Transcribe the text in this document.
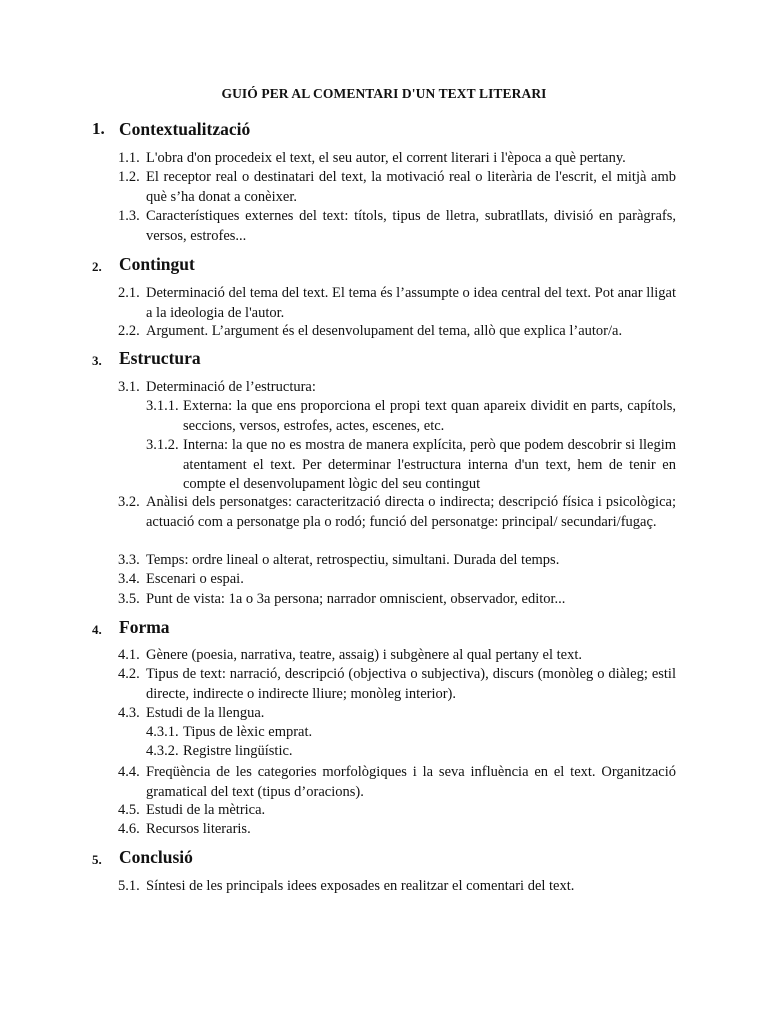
GUIÓ PER AL COMENTARI D'UN TEXT LITERARI
1. Contextualització
1.1. L'obra d'on procedeix el text, el seu autor, el corrent literari i l'època a què pertany.
1.2. El receptor real o destinatari del text, la motivació real o literària de l'escrit, el mitjà amb què s’ha donat a conèixer.
1.3. Característiques externes del text: títols, tipus de lletra, subratllats, divisió en paràgrafs, versos, estrofes...
2. Contingut
2.1. Determinació del tema del text. El tema és l’assumpte o idea central del text. Pot anar lligat a la ideologia de l'autor.
2.2. Argument. L’argument és el desenvolupament del tema, allò que explica l’autor/a.
3. Estructura
3.1. Determinació de l’estructura:
3.1.1. Externa: la que ens proporciona el propi text quan apareix dividit en parts, capítols, seccions, versos, estrofes, actes, escenes, etc.
3.1.2. Interna: la que no es mostra de manera explícita, però que podem descobrir si llegim atentament el text. Per determinar l'estructura interna d'un text, hem de tenir en compte el desenvolupament lògic del seu contingut
3.2. Anàlisi dels personatges: caracterització directa o indirecta; descripció física i psicològica; actuació com a personatge pla o rodó; funció del personatge: principal/ secundari/fugaç.
3.3. Temps: ordre lineal o alterat, retrospectiu, simultani. Durada del temps.
3.4. Escenari o espai.
3.5. Punt de vista: 1a o 3a persona; narrador omniscient, observador, editor...
4. Forma
4.1. Gènere (poesia, narrativa, teatre, assaig) i subgènere al qual pertany el text.
4.2. Tipus de text: narració, descripció (objectiva o subjectiva), discurs (monòleg o diàleg; estil directe, indirecte o indirecte lliure; monòleg interior).
4.3. Estudi de la llengua.
4.3.1. Tipus de lèxic emprat.
4.3.2. Registre lingüístic.
4.4. Freqüència de les categories morfològiques i la seva influència en el text. Organització gramatical del text (tipus d’oracions).
4.5. Estudi de la mètrica.
4.6. Recursos literaris.
5. Conclusió
5.1. Síntesi de les principals idees exposades en realitzar el comentari del text.
